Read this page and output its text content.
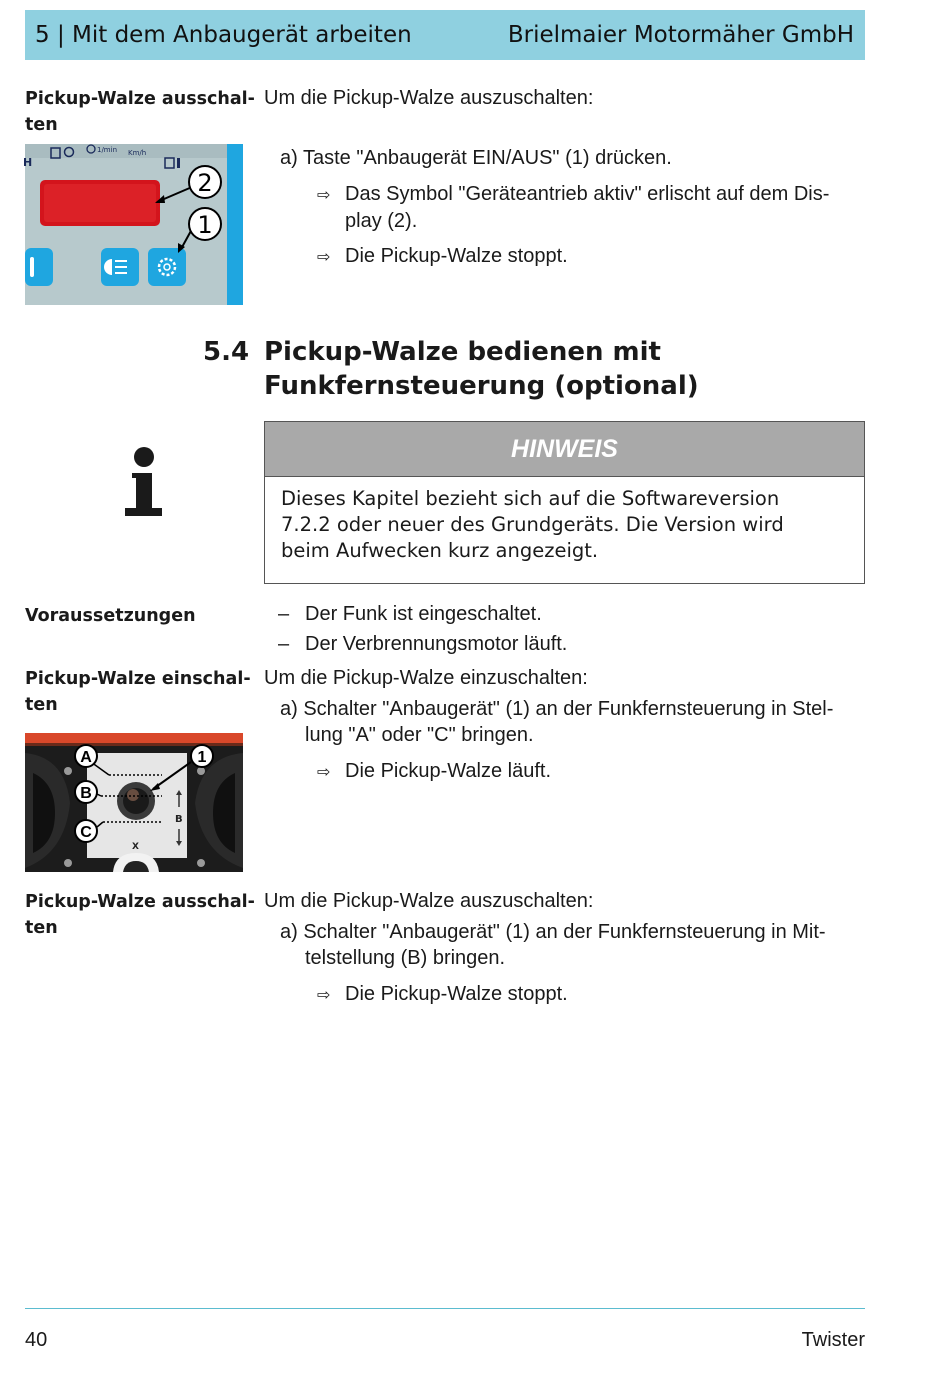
5 | Mit dem Anbaugerät arbeiten	Brielmaier Motormäher GmbH
Pickup-Walze ausschal-
ten
H
1/min Km/h
2
1
Um die Pickup-Walze auszuschalten:
a) Taste "Anbaugerät EIN/AUS" (1) drücken.
⇨ Das Symbol "Geräteantrieb aktiv" erlischt auf dem Dis-
play (2).
⇨ Die Pickup-Walze stoppt.
5.4 Pickup-Walze bedienen mit
Funkfernsteuerung (optional)
HINWEIS
Dieses Kapitel bezieht sich auf die Softwareversion
7.2.2 oder neuer des Grundgeräts. Die Version wird
beim Aufwecken kurz angezeigt.
Voraussetzungen	– Der Funk ist eingeschaltet.
– Der Verbrennungsmotor läuft.
Pickup-Walze einschal-
ten
B
X
A
B
C
1
Um die Pickup-Walze einzuschalten:
a) Schalter "Anbaugerät" (1) an der Funkfernsteuerung in Stel-
lung "A" oder "C" bringen.
⇨ Die Pickup-Walze läuft.
Pickup-Walze ausschal-
ten
Um die Pickup-Walze auszuschalten:
a) Schalter "Anbaugerät" (1) an der Funkfernsteuerung in Mit-
telstellung (B) bringen.
⇨ Die Pickup-Walze stoppt.
40	Twister
